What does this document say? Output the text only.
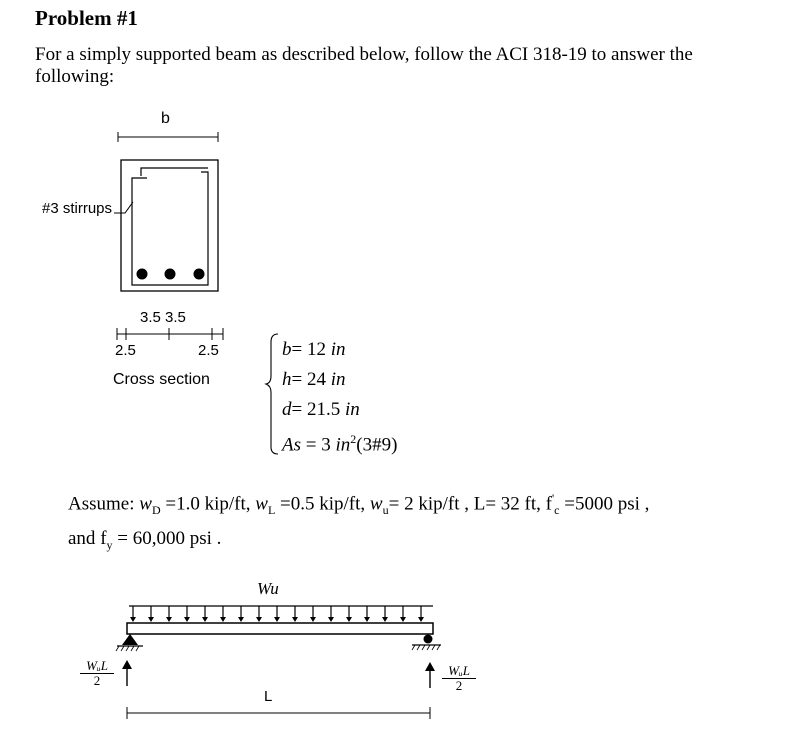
Problem #1
For a simply supported beam as described below, follow the ACI 318-19 to answer the following:
b
#3 stirrups
3.5 3.5
2.5	2.5
Cross section
b= 12 in
h= 24 in
d= 21.5 in
As = 3 $in^2(3\#9)$
Assume: $w_D =1.0$ kip/ft, $w_L =0.5$ kip/ft, $w_u= 2$ kip/ft , L= 32 ft, $f'_c =5000$ psi ,
and $f_y = 60,000$ psi .
Wu
L
WᵤL
2
WᵤL
2
